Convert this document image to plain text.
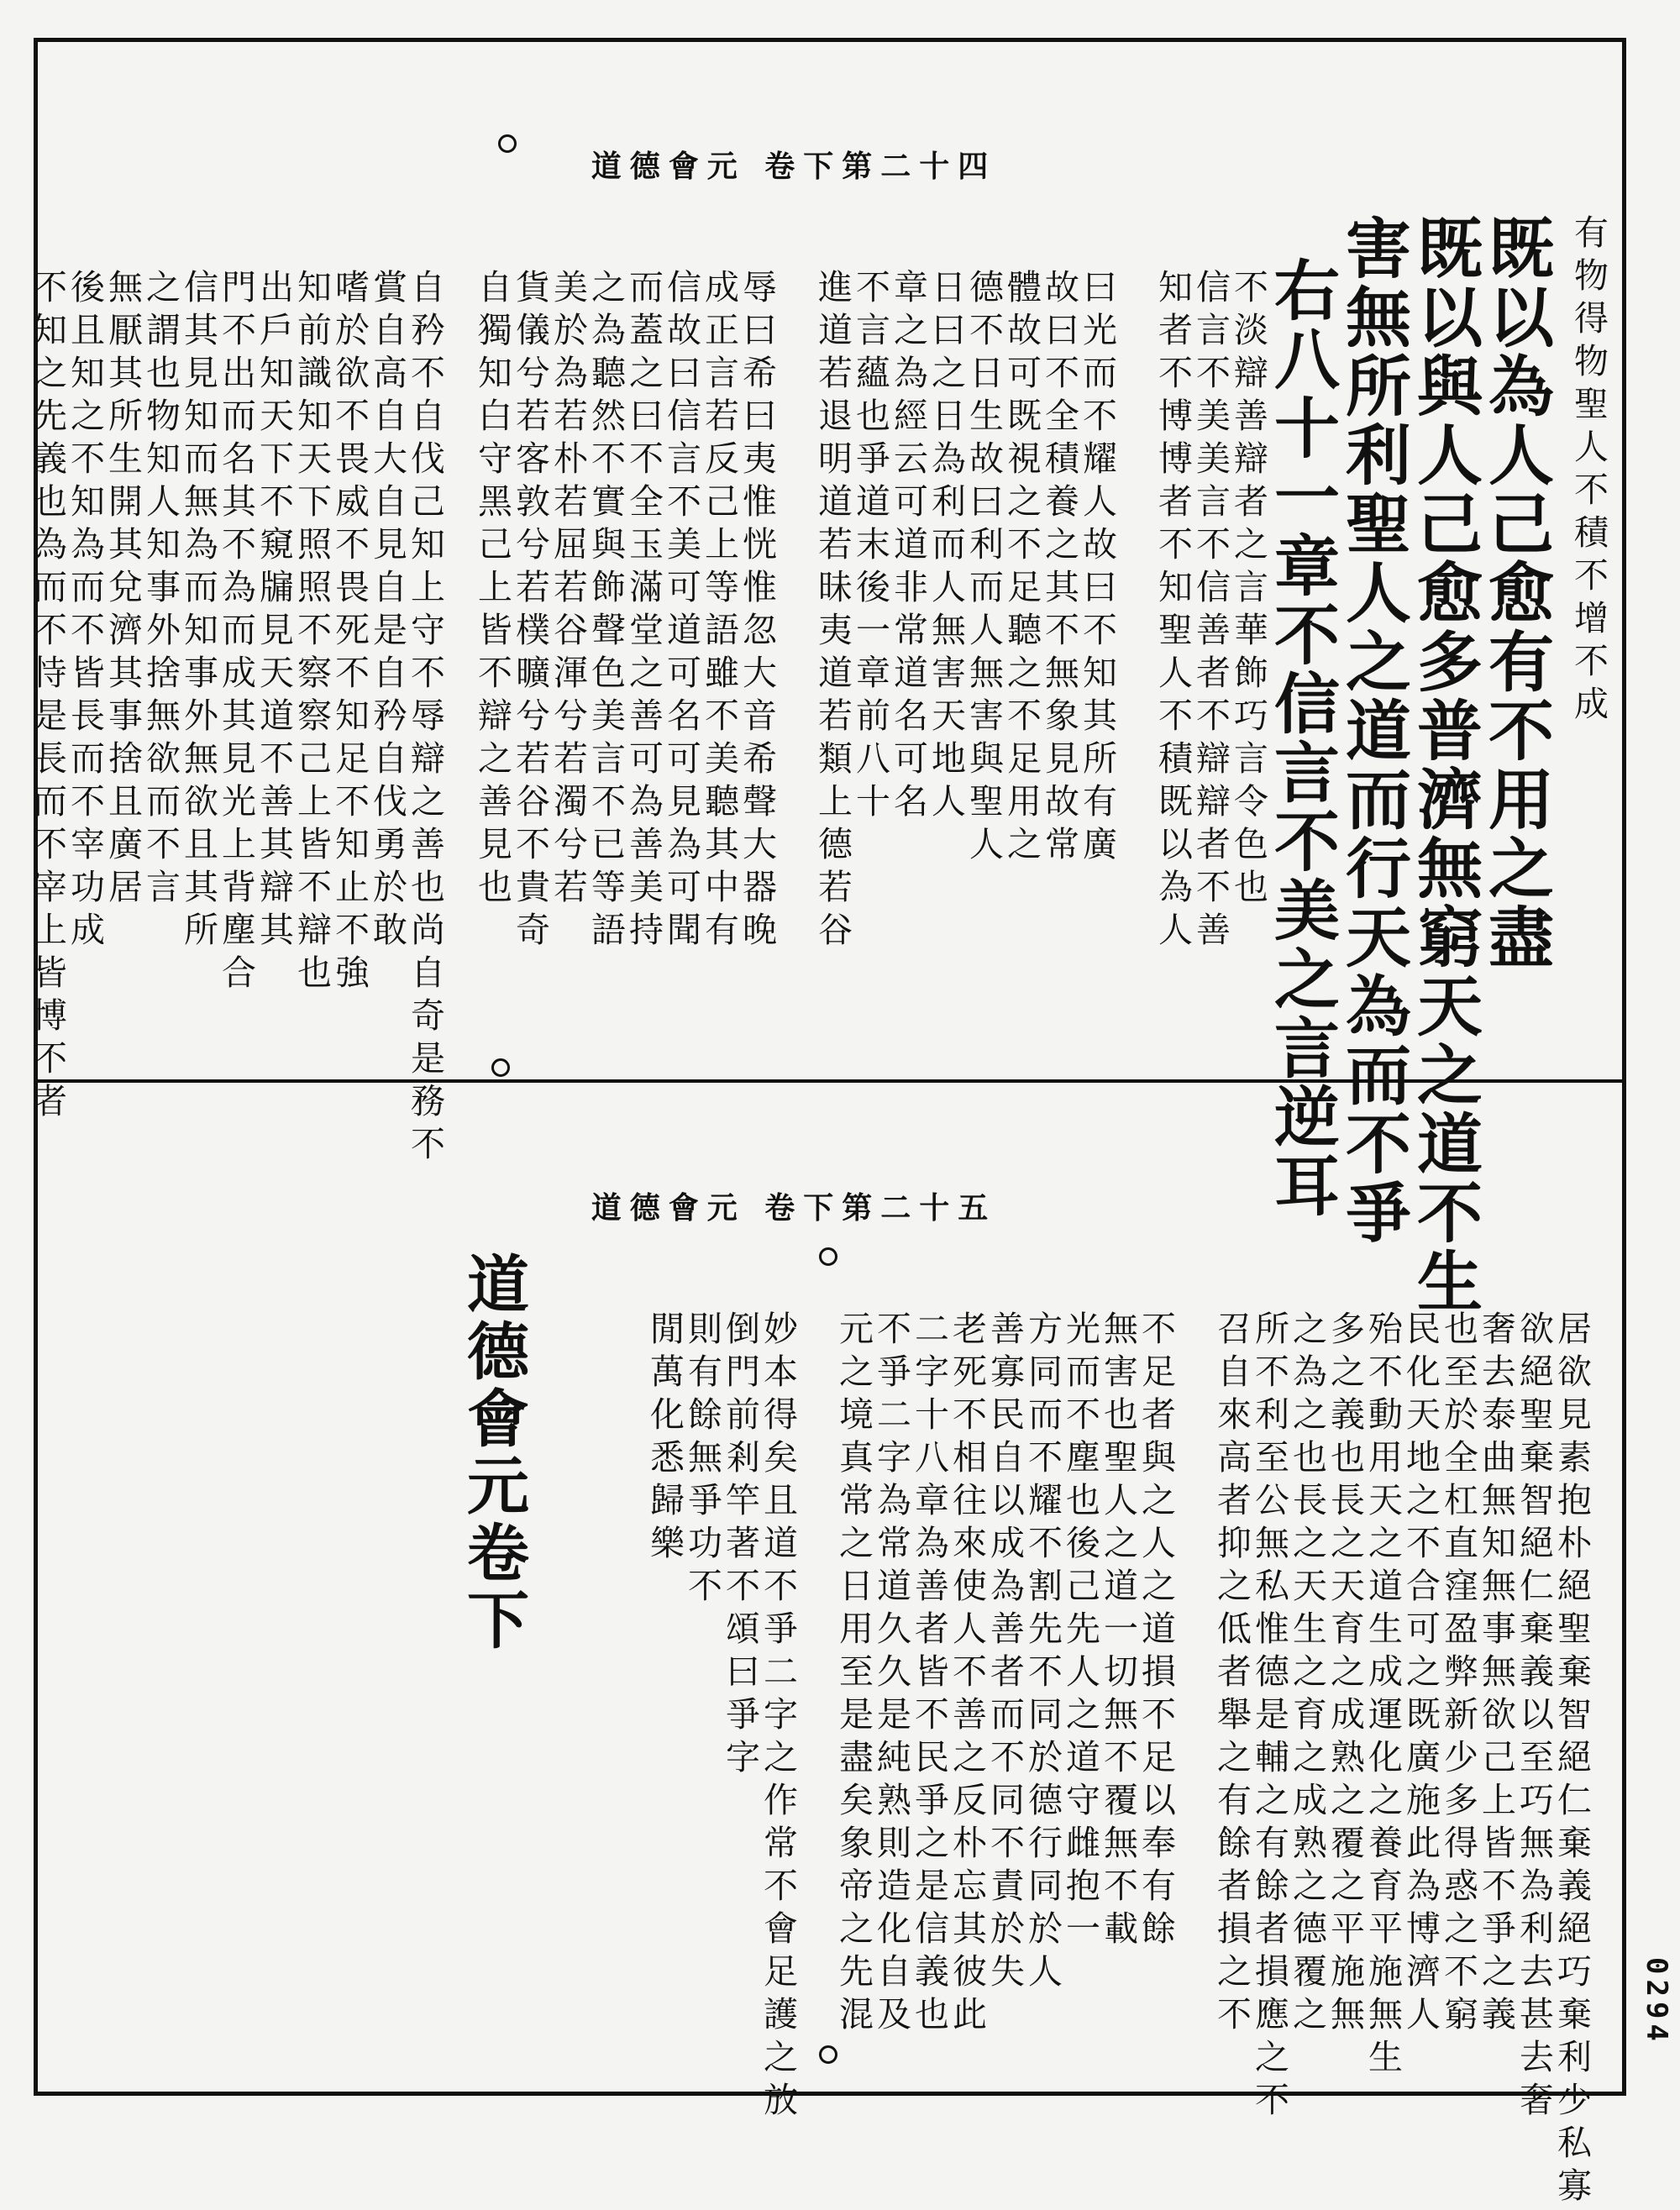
道德會元 卷下第二十四
有物得物聖人不積不增不成
既以為人己愈有不用之盡
既以與人己愈多普濟無窮天之道不生
害無所利聖人之道而行天為而不爭
右八十一章不信言不美之言逆耳
不淡辯善辯者之言華飾巧言令色也
信言不美美言不信善者不辯辯者不善
知者不博博者不知聖人不積既以為人
曰光而不耀人故曰不知其所有廣
故曰不全積養之其不無象見故常
體故可既視之不足聽之不足用之
德不日生故曰利而人無害與聖人
日曰之日為利而人無害天地人
章之為經云可道非常道名可名
不言蘊也爭道末後一章前八十
進道若退明道若昧夷道若類上德若谷
辱曰希曰夷惟恍惟忽大音希聲大器晚
成正言若反己上等語雖不美聽其中有
信故曰信言不美可道可名可見為可聞
而蓋之曰不全玉滿堂之善可為善美持
之為聽然不實與飾聲色美言不已等語
美於為若朴若屈若谷渾兮若濁兮若
貨儀兮若客敦兮若樸曠兮若谷不貴奇
自獨知白守黑己上皆不辯之善見也
自矜不自伐己知上守不辱辯之善也尚自奇是務不
賞自高自大自見自是自矜自伐勇於敢
嗜於欲不畏威不畏死不知足不知止不強
知前識知天下照照不察察己上皆不辯也
出戶知天下不窺牖見天道不善其辯其
門不出而名其不為而成其見光上背塵合
信其見知而無為而知事外無欲且其所
之謂也物知人知事外捨無欲而不言
無厭其所生開其兌濟其事捨且廣居
後且知之不知為而不皆長而不宰功成
不知之先義也為而不恃是長而不宰上皆博不者
道德會元 卷下第二十五
居欲見素抱朴絕聖棄智絕仁棄義絕巧棄利少私寡
欲絕聖棄智絕仁棄義以至巧無為利去甚去奢
奢去泰曲無知無事無欲己上皆不爭之義
也至於全杠直窪盈弊新少多得惑之不窮
民化天地之不合可之既廣施此為博濟人
殆不動用天之道生成運化之養育平施無生
多之義也長之天育之成熟之覆之平施無
之為之也長之天生之育之成熟之德覆之
所不利至公無私惟德是輔之有餘者損應之不
召自來高者抑之低者舉之有餘者損之不
不足者與之人之道損不足以奉有餘
無害也聖人之道一切無不覆無不載
光而不塵也後己先人之道守雌抱一
方同而不耀不割先不同於德行同於人
善寡民自以成為善者而不同不責於失
老死不相往來使人不善之反朴忘其彼此
二字十八章為善者皆不民爭之是信義也
不爭二字為常道久久是純熟則造化自及
元之境真常之日用至是盡矣象帝之先混
妙本得矣且道不爭二字之作常不會足護之放
倒門前剎竿著不頌曰爭字
則有餘無爭功不
閒萬化悉歸樂
道德會元卷下
0294
